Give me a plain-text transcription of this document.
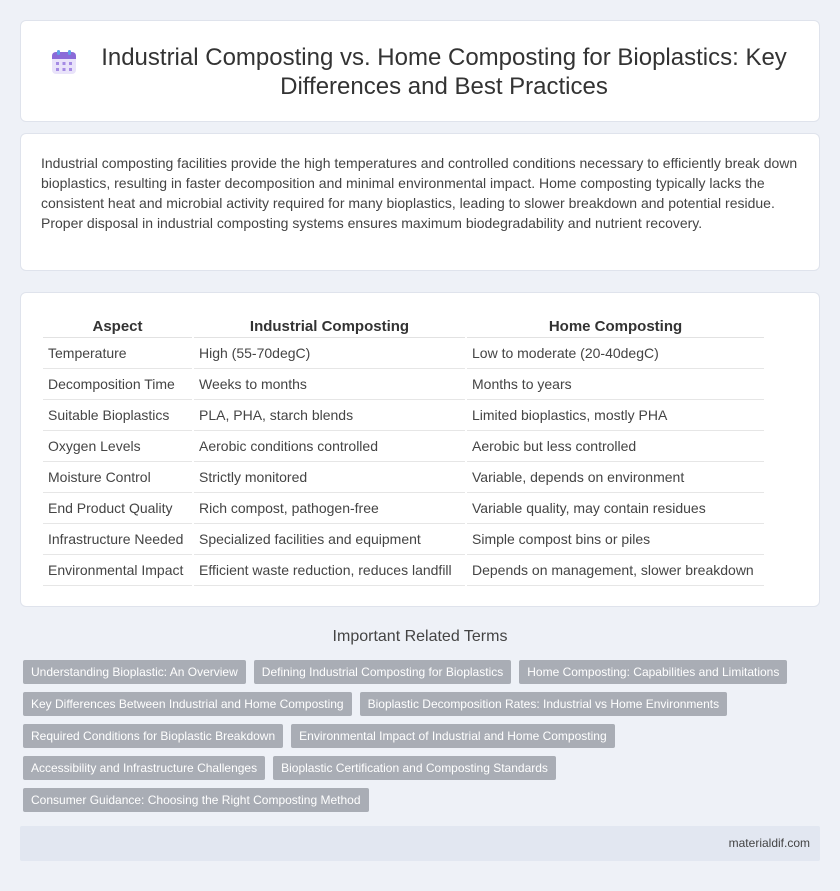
Industrial Composting vs. Home Composting for Bioplastics: Key Differences and Best Practices

Industrial composting facilities provide the high temperatures and controlled conditions necessary to efficiently break down bioplastics, resulting in faster decomposition and minimal environmental impact. Home composting typically lacks the consistent heat and microbial activity required for many bioplastics, leading to slower breakdown and potential residue. Proper disposal in industrial composting systems ensures maximum biodegradability and nutrient recovery.

Aspect	Industrial Composting	Home Composting
Temperature	High (55-70degC)	Low to moderate (20-40degC)
Decomposition Time	Weeks to months	Months to years
Suitable Bioplastics	PLA, PHA, starch blends	Limited bioplastics, mostly PHA
Oxygen Levels	Aerobic conditions controlled	Aerobic but less controlled
Moisture Control	Strictly monitored	Variable, depends on environment
End Product Quality	Rich compost, pathogen-free	Variable quality, may contain residues
Infrastructure Needed	Specialized facilities and equipment	Simple compost bins or piles
Environmental Impact	Efficient waste reduction, reduces landfill	Depends on management, slower breakdown
Important Related Terms
Understanding Bioplastic: An Overview	Defining Industrial Composting for Bioplastics	Home Composting: Capabilities and Limitations
Key Differences Between Industrial and Home Composting	Bioplastic Decomposition Rates: Industrial vs Home Environments
Required Conditions for Bioplastic Breakdown	Environmental Impact of Industrial and Home Composting
Accessibility and Infrastructure Challenges	Bioplastic Certification and Composting Standards
Consumer Guidance: Choosing the Right Composting Method
materialdif.com
